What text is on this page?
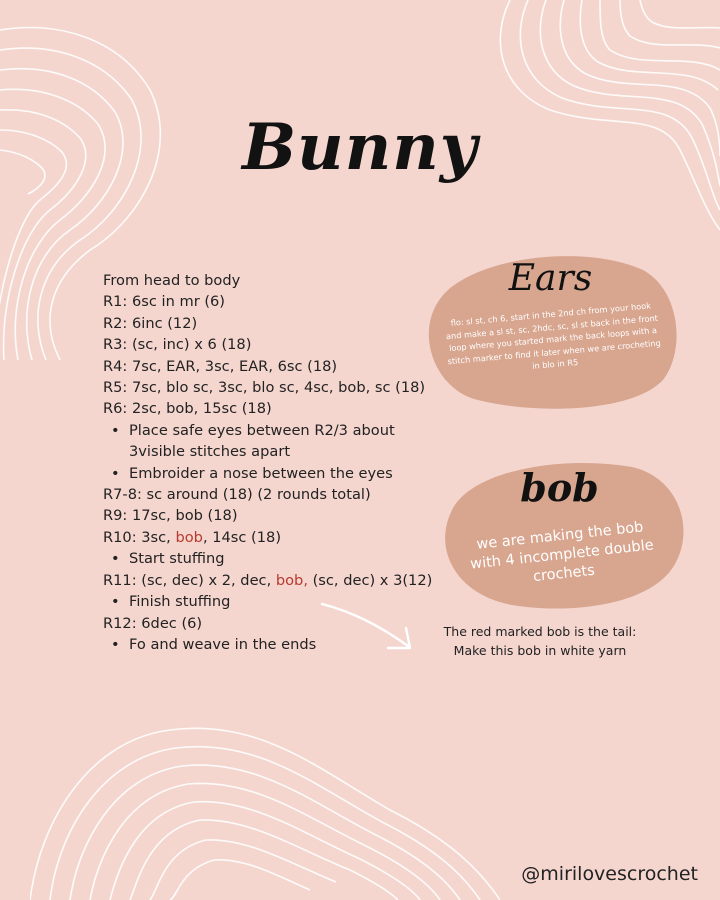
Bunny
From head to body
R1: 6sc in mr (6)
R2: 6inc (12)
R3: (sc, inc) x 6 (18)
R4: 7sc, EAR, 3sc, EAR, 6sc (18)
R5: 7sc, blo sc, 3sc, blo sc, 4sc, bob, sc (18)
R6: 2sc, bob, 15sc (18)
• Place safe eyes between R2/3 about 3visible stitches apart
• Embroider a nose between the eyes
R7-8: sc around (18) (2 rounds total)
R9: 17sc, bob (18)
R10: 3sc, bob, 14sc (18)
• Start stuffing
R11: (sc, dec) x 2, dec, bob, (sc, dec) x 3(12)
• Finish stuffing
R12: 6dec (6)
• Fo and weave in the ends
Ears
flo: sl st, ch 6, start in the 2nd ch from your hook and make a sl st, sc, 2hdc, sc, sl st back in the front loop where you started mark the back loops with a stitch marker to find it later when we are crocheting in blo in R5
bob
we are making the bob with 4 incomplete double crochets
The red marked bob is the tail:
Make this bob in white yarn
@mirilovescrochet
